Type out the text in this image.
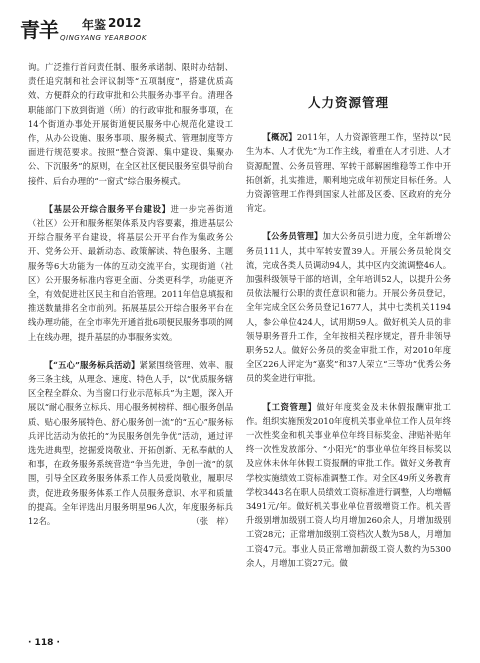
青羊 年鉴 2012
QINGYANG YEARBOOK

询。广泛推行首问责任制、服务承诺制、限时办结制、责任追究制和社会评议制等“五项制度”，搭建优质高效、方便群众的行政审批和公共服务办事平台。清理各职能部门下放到街道（所）的行政审批和服务事项，在14个街道办事处开展街道便民服务中心规范化建设工作，从办公设施、服务事项、服务模式、管理制度等方面进行规范要求。按照“整合资源、集中建设、集聚办公、下沉服务”的原则，在全区社区便民服务室俱导前台接件、后台办理的“一窗式”综合服务模式。

【基层公开综合服务平台建设】进一步完善街道（社区）公开和服务框架体系及内容要素，推进基层公开综合服务平台建设，将基层公开平台作为集政务公开、党务公开、最新动态、政策解读、特色服务、主题服务等6大功能为一体的互动交流平台，实现街道（社区）公开服务标准内容更全面、分类更科学，功能更齐全，有效促进社区民主和自治管理。2011年信息填报和推送数量排名全市前列。拓展基层公开综合服务平台在线办理功能，在全市率先开通首批6项便民服务事项的网上在线办理，提升基层的办事服务实效。

【“五心”服务标兵活动】紧紧围绕管理、效率、服务三条主线，从理念、速度、特色人手，以“优质服务辖区全程全群众、为当窗口行业示范标兵”为主题，深入开展以“耐心服务立标兵、用心服务树榜样、细心服务创品质、贴心服务展特色、舒心服务创一流”的“五心”服务标兵评比活动为依托的“为民服务创先争优”活动，通过评选先进典型，挖掘爱岗敬业、开拓创新、无私奉献的人和事，在政务服务系统营造“争当先进，争创一流”的氛围，引导全区政务服务体系工作人员爱岗敬业，履职尽责，促进政务服务体系工作人员服务意识、水平和质量的提高。全年评选出月服务明星96人次，年度服务标兵12名。	（张　梓）

人力资源管理

【概况】2011年，人力资源管理工作，坚持以“民生为本、人才优先”为工作主线，着重在人才引进、人才资源配置、公务员管理、军转干部解困维稳等工作中开拓创新，扎实推进，顺利地完成年初预定目标任务。人力资源管理工作得到国家人社部及区委、区政府的充分肯定。

【公务员管理】加大公务员引进力度，全年新增公务员111人，其中军转安置39人。开展公务员轮岗交流，完成各类人员调动94人，其中区内交流调整46人。加强科级领导干部的培训，全年培训52人，以提升公务员依法履行公职的责任意识和能力。开展公务员登记，全年完成全区公务员登记1677人，其中七类机关1194人，参公单位424人，试用期59人。做好机关人员的非领导职务晋升工作，全年按相关程序规定，晋升非领导职务52人。做好公务员的奖金审批工作，对2010年度全区226人评定为“嘉奖”和37人荣立“三等功”优秀公务员的奖金进行审批。

【工资管理】做好年度奖金及未休假报酬审批工作。组织实施预发2010年度机关事业单位工作人员年终一次性奖金和机关事业单位年终目标奖金、津贴补贴年终一次性发放部分、“小阳光”的事业单位年终目标奖以及应休未休年休假工资报酬的审批工作。做好义务教育学校实施绩效工资标准调整工作。对全区49所义务教育学校3443名在职人员绩效工资标准进行调整，人均增幅3491元/年。做好机关事业单位晋级增资工作。机关晋升级别增加级别工资人均月增加260余人，月增加级别工资28元；正常增加级别工资档次人数为58人，月增加工资47元。事业人员正常增加薪级工资人数约为5300余人，月增加工资27元。做

· 118 ·
